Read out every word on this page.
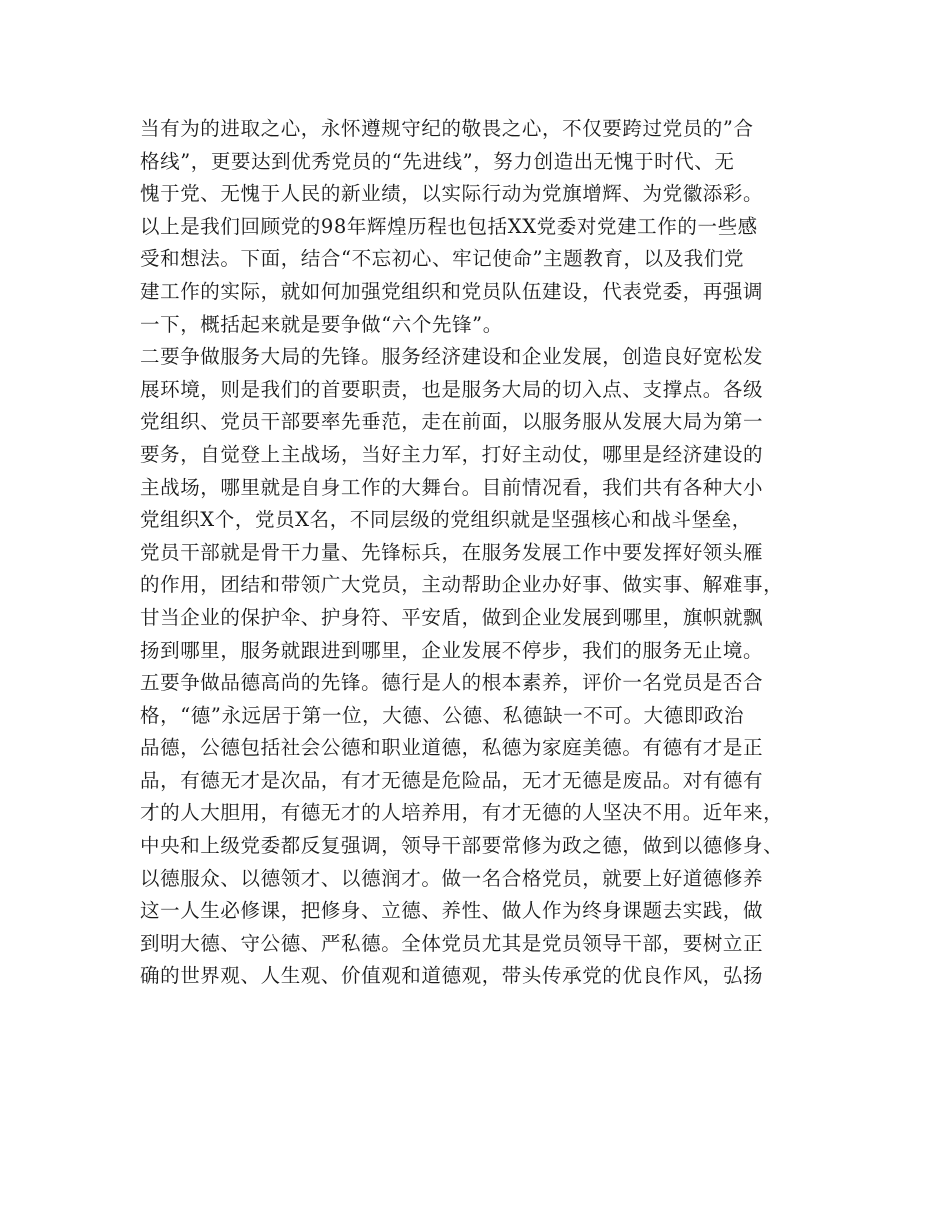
当有为的进取之心，永怀遵规守纪的敬畏之心，不仅要跨过党员的”合
格线”，更要达到优秀党员的“先进线”，努力创造出无愧于时代、无
愧于党、无愧于人民的新业绩，以实际行动为党旗增辉、为党徽添彩。
以上是我们回顾党的98年辉煌历程也包括XX党委对党建工作的一些感
受和想法。下面，结合“不忘初心、牢记使命”主题教育，以及我们党
建工作的实际，就如何加强党组织和党员队伍建设，代表党委，再强调
一下，概括起来就是要争做“六个先锋”。
二要争做服务大局的先锋。服务经济建设和企业发展，创造良好宽松发
展环境，则是我们的首要职责，也是服务大局的切入点、支撑点。各级
党组织、党员干部要率先垂范，走在前面，以服务服从发展大局为第一
要务，自觉登上主战场，当好主力军，打好主动仗，哪里是经济建设的
主战场，哪里就是自身工作的大舞台。目前情况看，我们共有各种大小
党组织X个，党员X名，不同层级的党组织就是坚强核心和战斗堡垒，
党员干部就是骨干力量、先锋标兵，在服务发展工作中要发挥好领头雁
的作用，团结和带领广大党员，主动帮助企业办好事、做实事、解难事，
甘当企业的保护伞、护身符、平安盾，做到企业发展到哪里，旗帜就飘
扬到哪里，服务就跟进到哪里，企业发展不停步，我们的服务无止境。
五要争做品德高尚的先锋。德行是人的根本素养，评价一名党员是否合
格，“德”永远居于第一位，大德、公德、私德缺一不可。大德即政治
品德，公德包括社会公德和职业道德，私德为家庭美德。有德有才是正
品，有德无才是次品，有才无德是危险品，无才无德是废品。对有德有
才的人大胆用，有德无才的人培养用，有才无德的人坚决不用。近年来，
中央和上级党委都反复强调，领导干部要常修为政之德，做到以德修身、
以德服众、以德领才、以德润才。做一名合格党员，就要上好道德修养
这一人生必修课，把修身、立德、养性、做人作为终身课题去实践，做
到明大德、守公德、严私德。全体党员尤其是党员领导干部，要树立正
确的世界观、人生观、价值观和道德观，带头传承党的优良作风，弘扬
